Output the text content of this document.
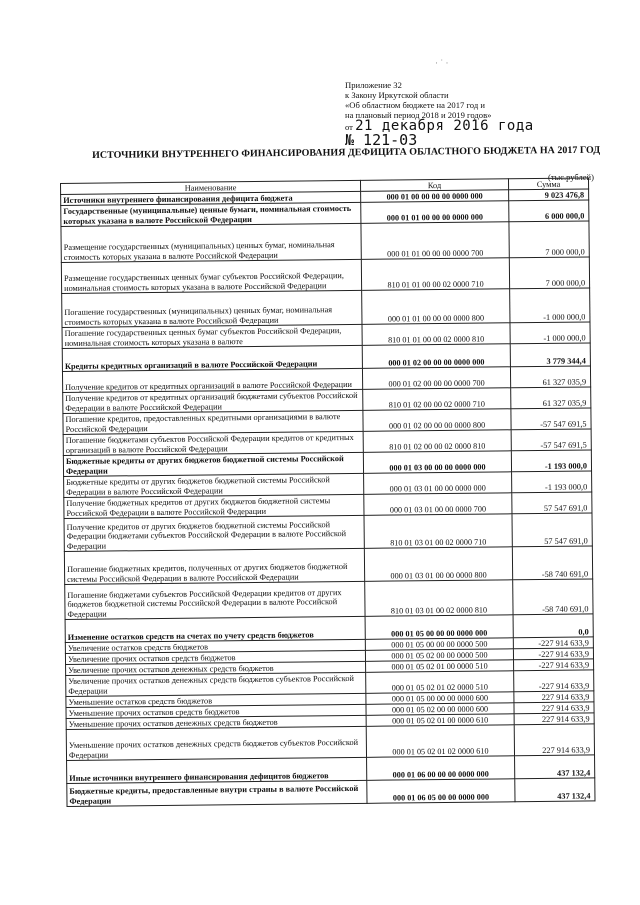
· ˙ ·
Приложение 32
к Закону Иркутской области
«Об областном бюджете на 2017 год и
на плановый период 2018 и 2019 годов»
от 21 декабря 2016 года
№ 121-03
ИСТОЧНИКИ ВНУТРЕННЕГО ФИНАНСИРОВАНИЯ ДЕФИЦИТА ОБЛАСТНОГО БЮДЖЕТА НА 2017 ГОД
(тыс.рублей)
Наименование	Код	Сумма
Источники внутреннего финансирования дефицита бюджета	000 01 00 00 00 00 0000 000	9 023 476,8
Государственные (муниципальные) ценные бумаги, номинальная стоимость которых указана в валюте Российской Федерации	000 01 01 00 00 00 0000 000	6 000 000,0
Размещение государственных (муниципальных) ценных бумаг, номинальная стоимость которых указана в валюте Российской Федерации	000 01 01 00 00 00 0000 700	7 000 000,0
Размещение государственных ценных бумаг субъектов Российской Федерации, номинальная стоимость которых указана в валюте Российской Федерации	810 01 01 00 00 02 0000 710	7 000 000,0
Погашение государственных (муниципальных) ценных бумаг, номинальная стоимость которых указана в валюте Российской Федерации	000 01 01 00 00 00 0000 800	-1 000 000,0
Погашение государственных ценных бумаг субъектов Российской Федерации, номинальная стоимость которых указана в валюте	810 01 01 00 00 02 0000 810	-1 000 000,0
Кредиты кредитных организаций в валюте Российской Федерации	000 01 02 00 00 00 0000 000	3 779 344,4
Получение кредитов от кредитных организаций в валюте Российской Федерации	000 01 02 00 00 00 0000 700	61 327 035,9
Получение кредитов от кредитных организаций бюджетами субъектов Российской Федерации в валюте Российской Федерации	810 01 02 00 00 02 0000 710	61 327 035,9
Погашение кредитов, предоставленных кредитными организациями в валюте Российской Федерации	000 01 02 00 00 00 0000 800	-57 547 691,5
Погашение бюджетами субъектов Российской Федерации кредитов от кредитных организаций в валюте Российской Федерации	810 01 02 00 00 02 0000 810	-57 547 691,5
Бюджетные кредиты от других бюджетов бюджетной системы Российской Федерации	000 01 03 00 00 00 0000 000	-1 193 000,0
Бюджетные кредиты от других бюджетов бюджетной системы Российской Федерации в валюте Российской Федерации	000 01 03 01 00 00 0000 000	-1 193 000,0
Получение бюджетных кредитов от других бюджетов бюджетной системы Российской Федерации в валюте Российской Федерации	000 01 03 01 00 00 0000 700	57 547 691,0
Получение кредитов от других бюджетов бюджетной системы Российской Федерации бюджетами субъектов Российской Федерации в валюте Российской Федерации	810 01 03 01 00 02 0000 710	57 547 691,0
Погашение бюджетных кредитов, полученных от других бюджетов бюджетной системы Российской Федерации в валюте Российской Федерации	000 01 03 01 00 00 0000 800	-58 740 691,0
Погашение бюджетами субъектов Российской Федерации кредитов от других бюджетов бюджетной системы Российской Федерации в валюте Российской Федерации	810 01 03 01 00 02 0000 810	-58 740 691,0
Изменение остатков средств на счетах по учету средств бюджетов	000 01 05 00 00 00 0000 000	0,0
Увеличение остатков средств бюджетов	000 01 05 00 00 00 0000 500	-227 914 633,9
Увеличение прочих остатков средств бюджетов	000 01 05 02 00 00 0000 500	-227 914 633,9
Увеличение прочих остатков денежных средств бюджетов	000 01 05 02 01 00 0000 510	-227 914 633,9
Увеличение прочих остатков денежных средств бюджетов субъектов Российской Федерации	000 01 05 02 01 02 0000 510	-227 914 633,9
Уменьшение остатков средств бюджетов	000 01 05 00 00 00 0000 600	227 914 633,9
Уменьшение прочих остатков средств бюджетов	000 01 05 02 00 00 0000 600	227 914 633,9
Уменьшение прочих остатков денежных средств бюджетов	000 01 05 02 01 00 0000 610	227 914 633,9
Уменьшение прочих остатков денежных средств бюджетов субъектов Российской Федерации	000 01 05 02 01 02 0000 610	227 914 633,9
Иные источники внутреннего финансирования дефицитов бюджетов	000 01 06 00 00 00 0000 000	437 132,4
Бюджетные кредиты, предоставленные внутри страны в валюте Российской Федерации	000 01 06 05 00 00 0000 000	437 132,4
